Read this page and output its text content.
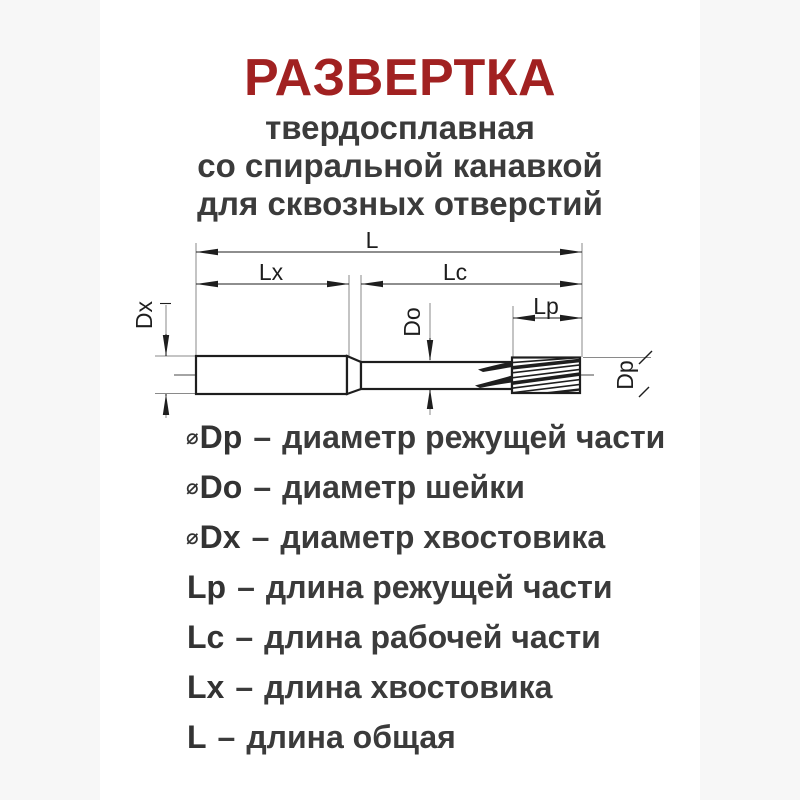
РАЗВЕРТКА
твердосплавная
со спиральной канавкой
для сквозных отверстий
L
Lx	Lc
Lp
Dx	Do
Dp
⌀ Dp – диаметр режущей части
⌀ Do – диаметр шейки
⌀ Dx – диаметр хвостовика
Lp – длина режущей части
Lc – длина рабочей части
Lx – длина хвостовика
L – длина общая
